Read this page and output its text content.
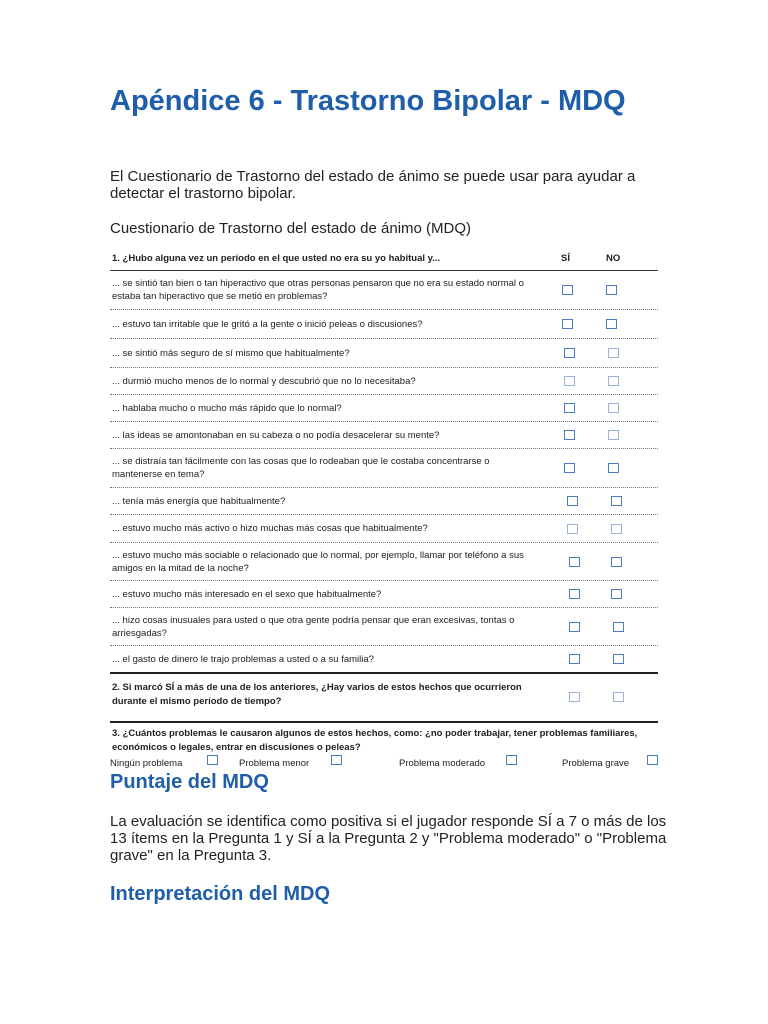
Apéndice 6 - Trastorno Bipolar - MDQ

El Cuestionario de Trastorno del estado de ánimo se puede usar para ayudar a detectar el trastorno bipolar.

Cuestionario de Trastorno del estado de ánimo (MDQ)

1. ¿Hubo alguna vez un período en el que usted no era su yo habitual y...	SÍ	NO
... se sintió tan bien o tan hiperactivo que otras personas pensaron que no era su estado normal o estaba tan hiperactivo que se metió en problemas?
... estuvo tan irritable que le gritó a la gente o inició peleas o discusiones?
... se sintió más seguro de sí mismo que habitualmente?
... durmió mucho menos de lo normal y descubrió que no lo necesitaba?
... hablaba mucho o mucho más rápido que lo normal?
... las ideas se amontonaban en su cabeza o no podía desacelerar su mente?
... se distraía tan fácilmente con las cosas que lo rodeaban que le costaba concentrarse o mantenerse en tema?
... tenía más energía que habitualmente?
... estuvo mucho más activo o hizo muchas más cosas que habitualmente?
... estuvo mucho más sociable o relacionado que lo normal, por ejemplo, llamar por teléfono a sus amigos en la mitad de la noche?
... estuvo mucho más interesado en el sexo que habitualmente?
... hizo cosas inusuales para usted o que otra gente podría pensar que eran excesivas, tontas o arriesgadas?
... el gasto de dinero le trajo problemas a usted o a su familia?
2. Si marcó SÍ a más de una de los anteriores, ¿Hay varios de estos hechos que ocurrieron durante el mismo período de tiempo?
3. ¿Cuántos problemas le causaron algunos de estos hechos, como: ¿no poder trabajar, tener problemas familiares, económicos o legales, entrar en discusiones o peleas?
Ningún problema	Problema menor	Problema moderado	Problema grave
Puntaje del MDQ

La evaluación se identifica como positiva si el jugador responde SÍ a 7 o más de los 13 ítems en la Pregunta 1 y SÍ a la Pregunta 2 y "Problema moderado" o "Problema grave" en la Pregunta 3.

Interpretación del MDQ
